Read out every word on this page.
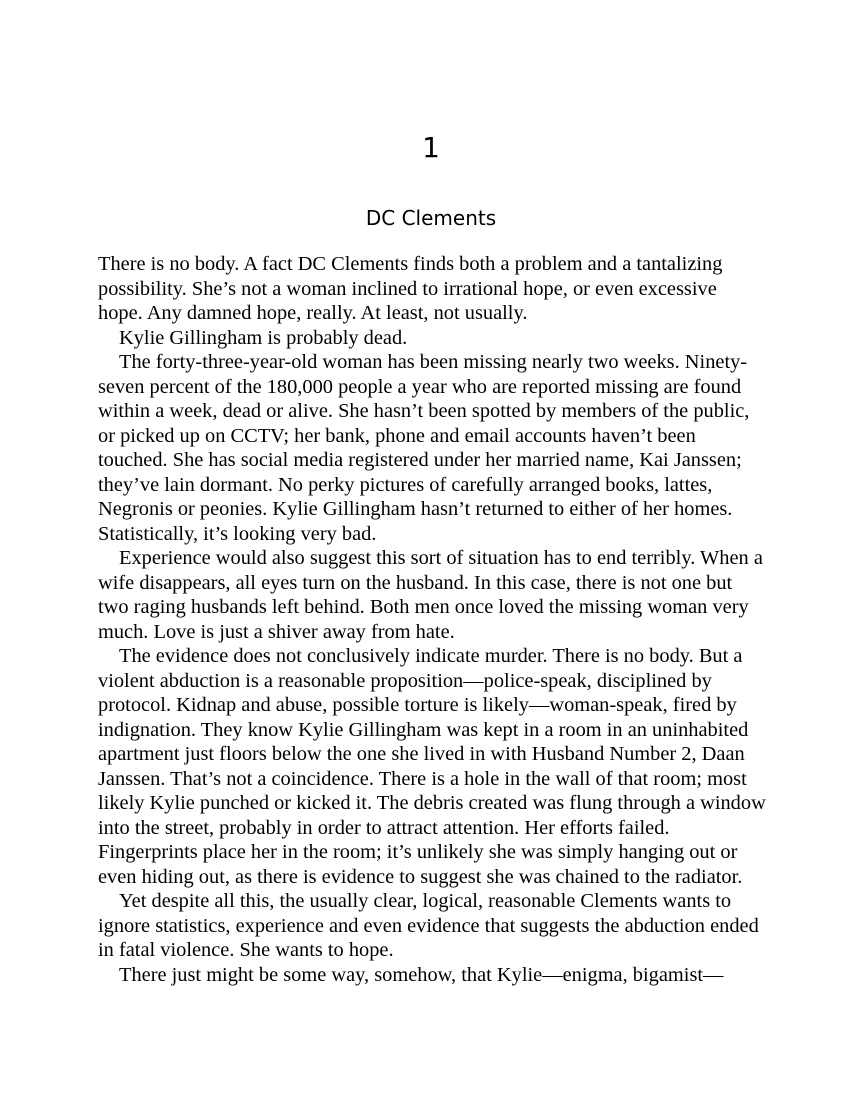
1
DC Clements

There is no body. A fact DC Clements finds both a problem and a tantalizing possibility. She’s not a woman inclined to irrational hope, or even excessive hope. Any damned hope, really. At least, not usually.

Kylie Gillingham is probably dead.

The forty-three-year-old woman has been missing nearly two weeks. Ninety-seven percent of the 180,000 people a year who are reported missing are found within a week, dead or alive. She hasn’t been spotted by members of the public, or picked up on CCTV; her bank, phone and email accounts haven’t been touched. She has social media registered under her married name, Kai Janssen; they’ve lain dormant. No perky pictures of carefully arranged books, lattes, Negronis or peonies. Kylie Gillingham hasn’t returned to either of her homes. Statistically, it’s looking very bad.

Experience would also suggest this sort of situation has to end terribly. When a wife disappears, all eyes turn on the husband. In this case, there is not one but two raging husbands left behind. Both men once loved the missing woman very much. Love is just a shiver away from hate.

The evidence does not conclusively indicate murder. There is no body. But a violent abduction is a reasonable proposition—police-speak, disciplined by protocol. Kidnap and abuse, possible torture is likely—woman-speak, fired by indignation. They know Kylie Gillingham was kept in a room in an uninhabited apartment just floors below the one she lived in with Husband Number 2, Daan Janssen. That’s not a coincidence. There is a hole in the wall of that room; most likely Kylie punched or kicked it. The debris created was flung through a window into the street, probably in order to attract attention. Her efforts failed. Fingerprints place her in the room; it’s unlikely she was simply hanging out or even hiding out, as there is evidence to suggest she was chained to the radiator.

Yet despite all this, the usually clear, logical, reasonable Clements wants to ignore statistics, experience and even evidence that suggests the abduction ended in fatal violence. She wants to hope.

There just might be some way, somehow, that Kylie—enigma, bigamist—
